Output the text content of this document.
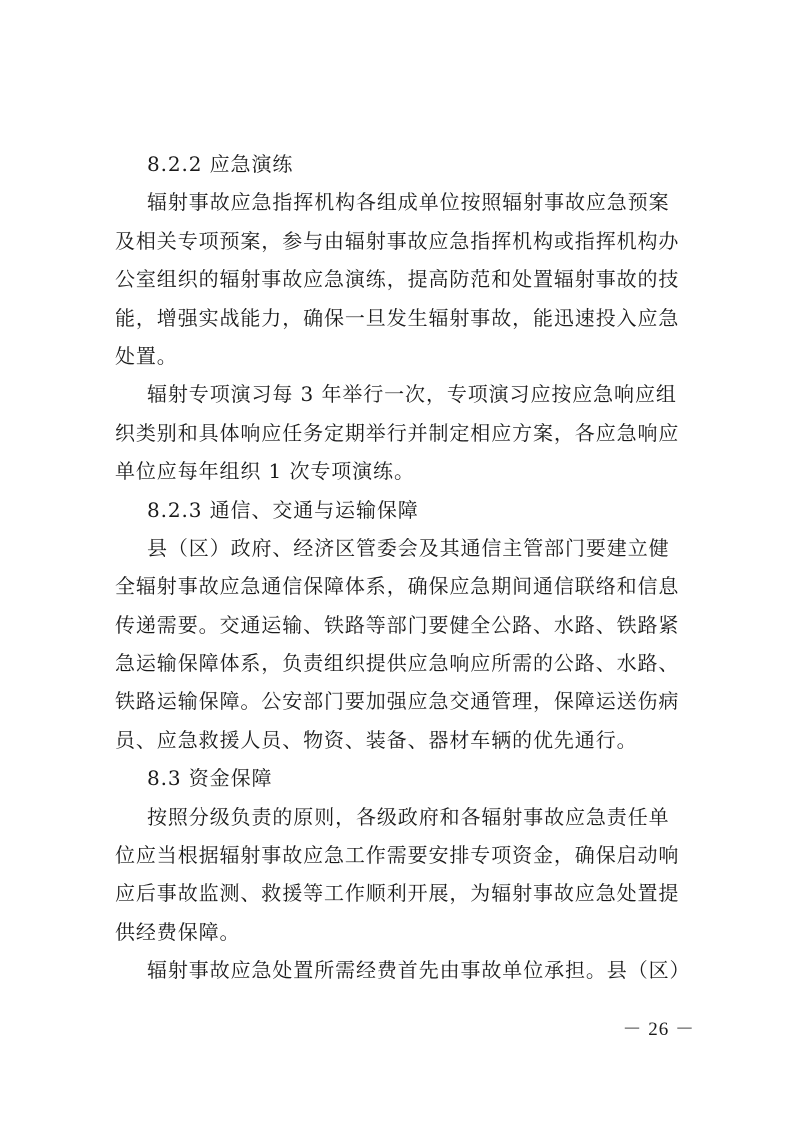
8.2.2 应急演练
辐射事故应急指挥机构各组成单位按照辐射事故应急预案
及相关专项预案，参与由辐射事故应急指挥机构或指挥机构办
公室组织的辐射事故应急演练，提高防范和处置辐射事故的技
能，增强实战能力，确保一旦发生辐射事故，能迅速投入应急
处置。
辐射专项演习每 3 年举行一次，专项演习应按应急响应组
织类别和具体响应任务定期举行并制定相应方案，各应急响应
单位应每年组织 1 次专项演练。
8.2.3 通信、交通与运输保障
县（区）政府、经济区管委会及其通信主管部门要建立健
全辐射事故应急通信保障体系，确保应急期间通信联络和信息
传递需要。交通运输、铁路等部门要健全公路、水路、铁路紧
急运输保障体系，负责组织提供应急响应所需的公路、水路、
铁路运输保障。公安部门要加强应急交通管理，保障运送伤病
员、应急救援人员、物资、装备、器材车辆的优先通行。
8.3 资金保障
按照分级负责的原则，各级政府和各辐射事故应急责任单
位应当根据辐射事故应急工作需要安排专项资金，确保启动响
应后事故监测、救援等工作顺利开展，为辐射事故应急处置提
供经费保障。
辐射事故应急处置所需经费首先由事故单位承担。县（区）
－ 26 －
